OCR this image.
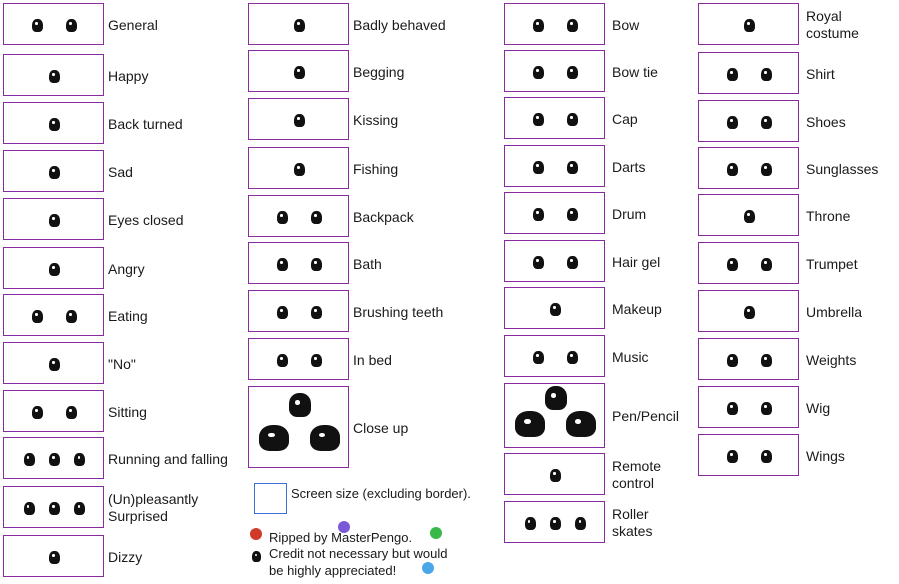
General
Happy
Back turned
Sad
Eyes closed
Angry
Eating
"No"
Sitting
Running and falling
(Un)pleasantly
Surprised
Dizzy
Badly behaved
Begging
Kissing
Fishing
Backpack
Bath
Brushing teeth
In bed
Close up
Bow
Bow tie
Cap
Darts
Drum
Hair gel
Makeup
Music
Pen/Pencil
Remote
control
Roller
skates
Royal
costume
Shirt
Shoes
Sunglasses
Throne
Trumpet
Umbrella
Weights
Wig
Wings
Screen size (excluding border).
Ripped by MasterPengo.
Credit not necessary but would
be highly appreciated!
